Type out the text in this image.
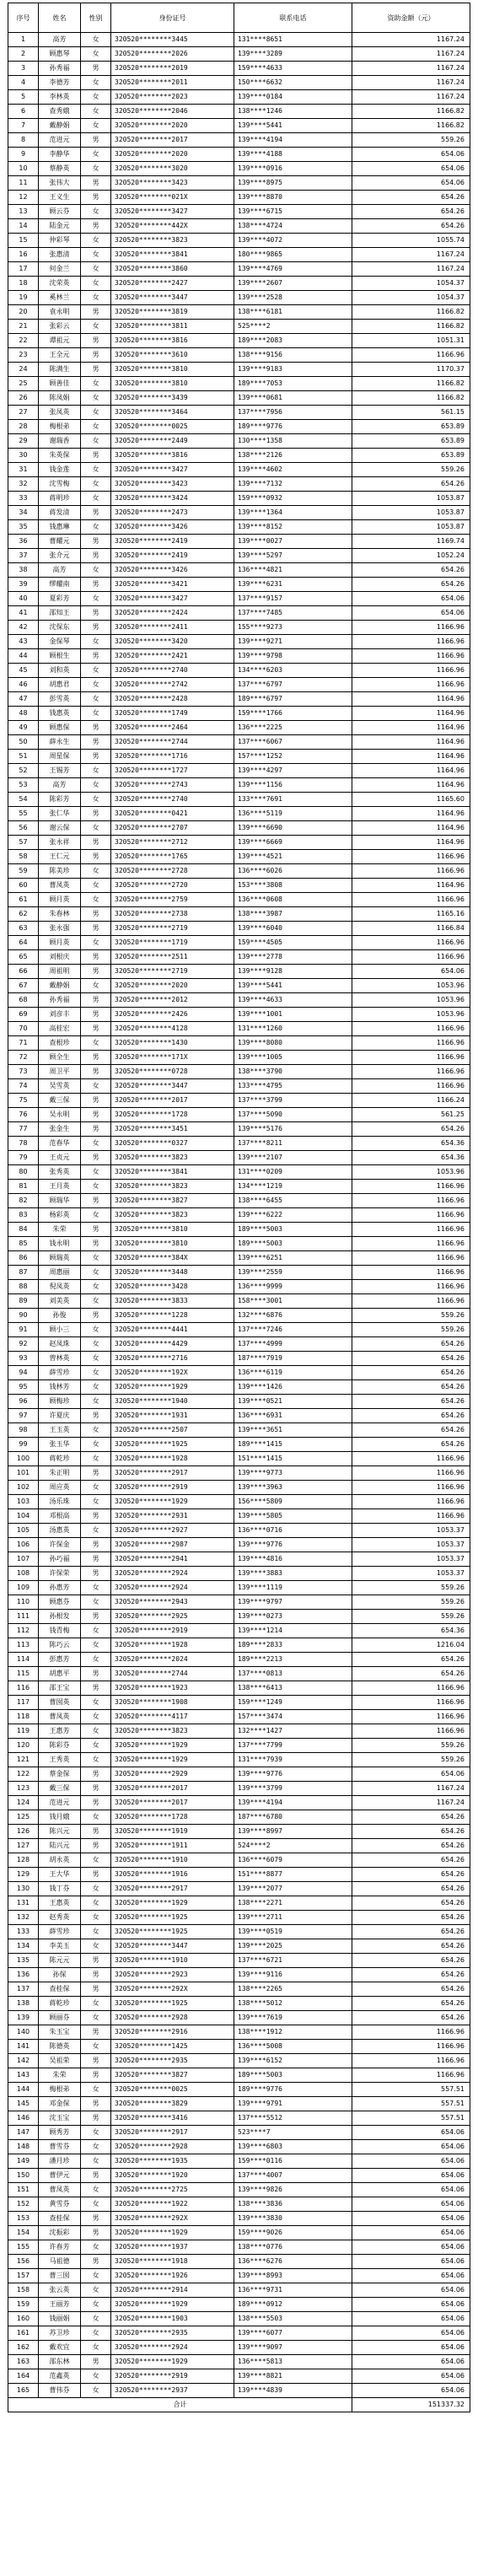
序号	姓名	性别	身份证号	联系电话	资助金额（元）
1	高芳	女	320520********3445	131****8651	1167.24
2	顾惠琴	女	320520********2026	139****3289	1167.24
3	孙秀福	男	320520********2019	159****4633	1167.24
4	李德芳	女	320520********2011	150****6632	1167.24
5	李林英	女	320520********2023	139****0184	1167.24
6	查秀娥	女	320520********2046	138****1246	1166.82
7	戴静娟	女	320520********2020	139****5441	1166.82
8	范进元	男	320520********2017	139****4194	559.26
9	李静华	女	320520********2020	139****4188	654.06
10	蔡静英	女	320520********3020	139****0916	654.06
11	张伟大	男	320520********3423	139****8975	654.06
12	王义生	男	320520********021X	139****8870	654.26
13	顾云芬	女	320520********3427	139****6715	654.26
14	陆金元	男	320520********442X	138****4724	654.26
15	仲彩琴	女	320520********3823	139****4072	1055.74
16	张惠清	女	320520********3841	180****9865	1167.24
17	何金兰	女	320520********3860	139****4769	1167.24
18	沈荣英	女	320520********2427	139****2607	1054.37
19	奚林兰	女	320520********3447	139****2528	1054.37
20	袁永明	男	320520********3819	138****6181	1166.82
21	张彩云	女	320520********3811	525****2	1166.82
22	谭祖元	男	320520********3816	189****2083	1051.31
23	王全元	男	320520********3610	138****9156	1166.96
24	陈满生	男	320520********3810	139****9183	1170.37
25	顾善佳	女	320520********3810	189****7053	1166.82
26	陈凤娟	女	320520********3439	139****0681	1166.82
27	张凤英	女	320520********3464	137****7956	561.15
28	梅根弟	女	320520********0025	189****9776	653.89
29	谢瑞香	女	320520********2449	130****1358	653.89
30	朱英保	男	320520********3816	138****2126	653.89
31	钱金莲	女	320520********3427	139****4602	559.26
32	沈雪梅	女	320520********3423	139****7132	654.26
33	蒋明珍	女	320520********3424	159****0932	1053.87
34	蒋发清	男	320520********2473	139****1364	1053.87
35	钱惠琳	女	320520********3426	139****8152	1053.87
36	曹耀元	男	320520********2419	139****0027	1169.74
37	张介元	男	320520********2419	139****5297	1052.24
38	高芳	女	320520********3426	136****4821	654.26
39	缪耀南	男	320520********3421	139****6231	654.26
40	夏彩芳	女	320520********3427	137****9157	654.06
41	邵知王	男	320520********2424	137****7485	654.06
42	沈保东	男	320520********2411	155****9273	1166.96
43	金保琴	女	320520********3420	139****9271	1166.96
44	顾根生	男	320520********2421	139****9798	1166.96
45	刘和英	女	320520********2740	134****6203	1166.96
46	胡惠君	女	320520********2742	137****6797	1166.96
47	彭雪英	女	320520********2428	189****6797	1164.96
48	钱惠英	女	320520********1749	159****1766	1164.96
49	顾惠保	男	320520********2464	136****2225	1164.96
50	薛永生	男	320520********2744	137****6067	1164.96
51	周星保	男	320520********1716	157****1252	1164.96
52	王锡芳	女	320520********1727	139****4297	1164.96
53	高芳	女	320520********2743	139****1156	1164.96
54	陈彩芳	女	320520********2740	133****7691	1165.60
55	张仁华	男	320520********0421	136****5119	1164.96
56	谢云保	女	320520********2707	139****6690	1164.96
57	张永祥	男	320520********2712	139****6669	1164.96
58	王仁元	男	320520********1765	139****4521	1166.96
59	陈美珍	女	320520********2728	136****6026	1166.96
60	曹凤英	女	320520********2720	153****3808	1164.96
61	顾月英	女	320520********2759	136****0608	1166.96
62	朱春林	男	320520********2738	138****3987	1165.16
63	张永强	男	320520********2719	139****6040	1166.84
64	顾月英	女	320520********1719	159****4505	1166.96
65	刘根庆	男	320520********2511	139****2778	1166.96
66	周祖明	男	320520********2719	139****9128	654.06
67	戴静娟	女	320520********2020	139****5441	1053.96
68	孙秀福	男	320520********2012	139****4633	1053.96
69	刘彦丰	男	320520********2426	139****1001	1053.96
70	高桂宏	男	320520********4128	131****1260	1166.96
71	查根珍	女	320520********1430	139****8080	1166.96
72	顾全生	男	320520********171X	139****1005	1166.96
73	周卫平	男	320520********0728	138****3790	1166.96
74	吴雪英	女	320520********3447	133****4795	1166.96
75	戴三保	男	320520********2017	137****3799	1166.24
76	吴永明	男	320520********1728	137****5090	561.25
77	张金生	男	320520********3451	139****5176	654.26
78	范春华	女	320520********0327	137****8211	654.36
79	王贞元	男	320520********3823	139****2107	654.36
80	张秀英	女	320520********3841	131****0209	1053.96
81	王月英	女	320520********3823	134****1219	1166.96
82	顾瑞华	男	320520********3827	138****6455	1166.96
83	杨彩英	女	320520********3823	139****6222	1166.96
84	朱荣	男	320520********3810	189****5003	1166.96
85	钱永明	男	320520********3810	189****5003	1166.96
86	顾瑞英	女	320520********384X	139****6251	1166.96
87	周惠丽	女	320520********3448	139****2559	1166.96
88	倪凤英	女	320520********3428	136****9999	1166.96
89	刘美英	女	320520********3833	158****3001	1166.96
90	孙俊	男	320520********1228	132****6876	559.26
91	顾小三	女	320520********4441	137****7246	559.26
92	赵凤珠	女	320520********4429	137****4999	654.26
93	曾林英	女	320520********2716	187****7919	654.26
94	薛雪珍	女	320520********192X	136****6119	654.26
95	钱林芳	女	320520********1929	139****1426	654.26
96	顾梅珍	女	320520********1940	139****0521	654.26
97	许夏庆	男	320520********1931	136****6931	654.26
98	王玉英	女	320520********2507	139****3651	654.26
99	张玉华	女	320520********1925	189****1415	654.26
100	蒋乾珍	女	320520********1928	151****1415	1166.96
101	朱正明	男	320520********2917	139****9773	1166.96
102	周应英	女	320520********2919	139****3963	1166.96
103	汤乐珠	女	320520********1929	156****5809	1166.96
104	邓根高	男	320520********2931	139****5805	1166.96
105	汤惠英	女	320520********2927	136****0716	1053.37
106	许保金	男	320520********2987	139****9776	1053.37
107	孙巧福	男	320520********2941	139****4816	1053.37
108	许保荣	男	320520********2924	139****3883	1053.37
109	孙惠芳	女	320520********2924	139****1119	559.26
110	顾惠芬	女	320520********2943	139****9797	559.26
111	孙根发	男	320520********2925	139****0273	559.26
112	钱青梅	女	320520********2919	139****1214	654.36
113	陈巧云	女	320520********1928	189****2833	1216.04
114	彭惠芳	女	320520********2024	189****2213	654.26
115	胡惠平	男	320520********2744	137****0813	654.26
116	邵王宝	男	320520********1923	138****6413	1166.96
117	曹囡英	女	320520********1908	159****1249	1166.96
118	曹凤英	女	320520********4117	157****3474	1166.96
119	王惠芳	女	320520********3823	132****1427	1166.96
120	陈彩芬	女	320520********1929	137****7799	559.26
121	王秀英	女	320520********1929	131****7939	559.26
122	蔡金保	男	320520********2929	139****9776	654.06
123	戴三保	男	320520********2017	139****3799	1167.24
124	范进元	男	320520********2017	139****4194	1167.24
125	钱月娥	女	320520********1728	187****6780	654.26
126	陈兴元	男	320520********1919	139****8997	654.26
127	陆兴元	男	320520********1911	524****2	654.26
128	胡永英	女	320520********1910	136****6079	654.26
129	王大华	男	320520********1916	151****8877	654.26
130	钱丁芬	女	320520********2917	139****2077	654.26
131	王惠英	女	320520********1929	138****2271	654.26
132	赵秀英	女	320520********1925	139****2711	654.26
133	薛雪珍	女	320520********1925	139****0519	654.26
134	李美玉	女	320520********3447	139****2025	654.26
135	陈元元	男	320520********1910	137****6721	654.26
136	孙保	男	320520********2923	139****9116	654.26
137	查桂保	男	320520********292X	138****2265	654.26
138	蒋乾珍	女	320520********1925	138****5012	654.26
139	顾丽芬	女	320520********2928	139****7619	654.26
140	朱玉宝	男	320520********2916	138****1912	1166.96
141	陈德英	女	320520********1425	136****5008	1166.96
142	吴祖荣	男	320520********2935	139****6152	1166.96
143	朱荣	男	320520********3827	189****5003	1166.96
144	梅根弟	女	320520********0025	189****9776	557.51
145	邓金保	男	320520********3829	139****9791	557.51
146	沈玉宝	男	320520********3416	137****5512	557.51
147	顾秀芳	女	320520********2917	523****7	654.06
148	曹雪芬	女	320520********2928	139****6803	654.06
149	潘月珍	女	320520********1935	159****0116	654.06
150	曹伊元	男	320520********1920	137****4007	654.06
151	曹凤英	女	320520********2725	139****9826	654.06
152	黄雪芬	女	320520********1922	138****3836	654.06
153	查桂保	男	320520********292X	139****3830	654.06
154	沈振彩	男	320520********1929	159****9026	654.06
155	许春芳	女	320520********1937	138****0776	654.06
156	马祖德	男	320520********1918	136****6276	654.06
157	曹三囡	女	320520********1926	139****8993	654.06
158	张云英	女	320520********2914	136****9731	654.06
159	王丽芳	女	320520********1929	189****0912	654.06
160	钱丽娟	女	320520********1903	138****5503	654.06
161	苏卫珍	女	320520********2935	139****6077	654.06
162	戴欢宜	女	320520********2924	139****9097	654.06
163	邵东林	男	320520********1929	136****5813	654.06
164	范鑫英	女	320520********2919	139****8821	654.06
165	曹伟芬	女	320520********2937	139****4839	654.06
合计					151337.32
